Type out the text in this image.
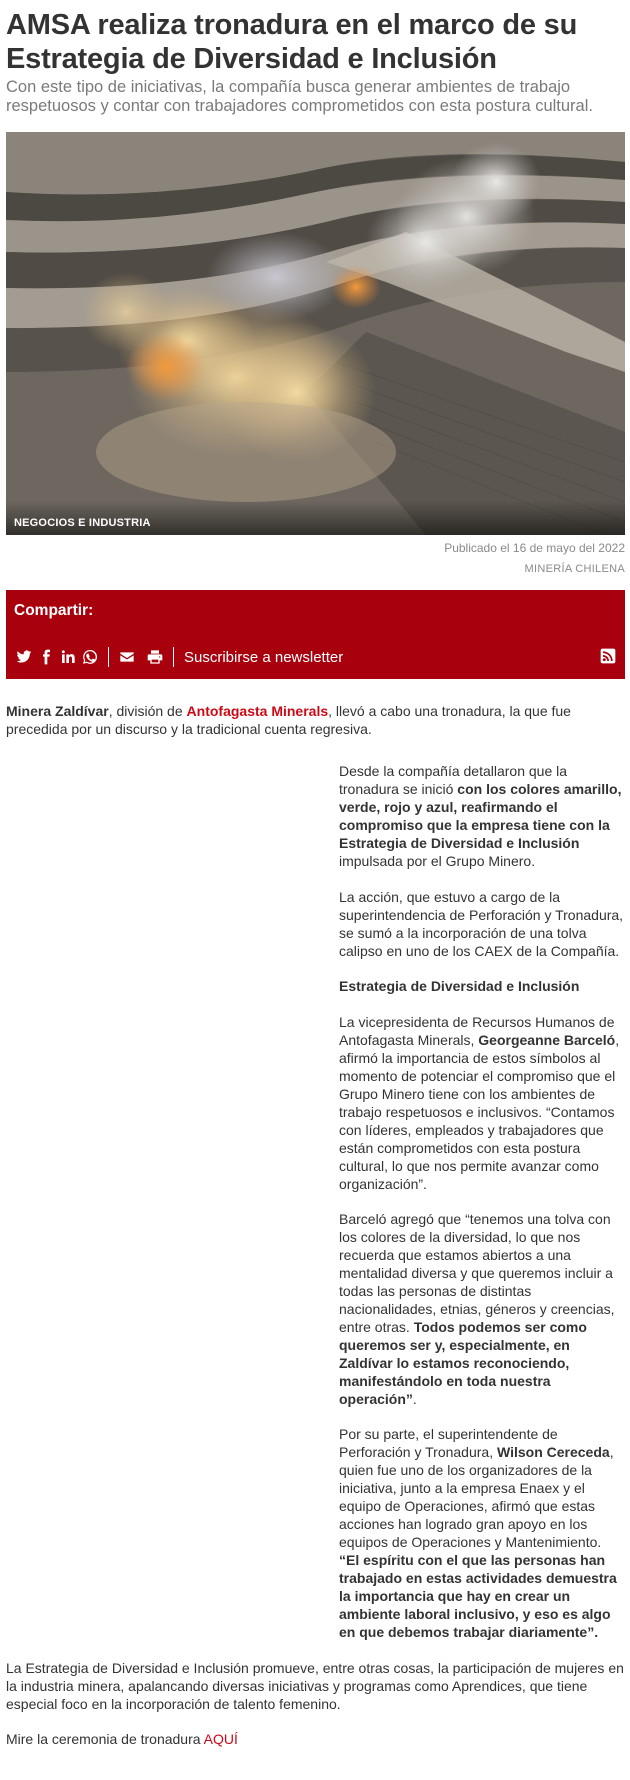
AMSA realiza tronadura en el marco de su Estrategia de Diversidad e Inclusión

Con este tipo de iniciativas, la compañía busca generar ambientes de trabajo respetuosos y contar con trabajadores comprometidos con esta postura cultural.

NEGOCIOS E INDUSTRIA
Publicado el 16 de mayo del 2022
MINERÍA CHILENA
Compartir:
Suscribirse a newsletter

Minera Zaldívar, división de Antofagasta Minerals, llevó a cabo una tronadura, la que fue precedida por un discurso y la tradicional cuenta regresiva.

Desde la compañía detallaron que la tronadura se inició con los colores amarillo, verde, rojo y azul, reafirmando el compromiso que la empresa tiene con la Estrategia de Diversidad e Inclusión impulsada por el Grupo Minero.

La acción, que estuvo a cargo de la superintendencia de Perforación y Tronadura, se sumó a la incorporación de una tolva calipso en uno de los CAEX de la Compañía.

Estrategia de Diversidad e Inclusión

La vicepresidenta de Recursos Humanos de Antofagasta Minerals, Georgeanne Barceló, afirmó la importancia de estos símbolos al momento de potenciar el compromiso que el Grupo Minero tiene con los ambientes de trabajo respetuosos e inclusivos. “Contamos con líderes, empleados y trabajadores que están comprometidos con esta postura cultural, lo que nos permite avanzar como organización”.

Barceló agregó que “tenemos una tolva con los colores de la diversidad, lo que nos recuerda que estamos abiertos a una mentalidad diversa y que queremos incluir a todas las personas de distintas nacionalidades, etnias, géneros y creencias, entre otras. Todos podemos ser como queremos ser y, especialmente, en Zaldívar lo estamos reconociendo, manifestándolo en toda nuestra operación”.

Por su parte, el superintendente de Perforación y Tronadura, Wilson Cereceda, quien fue uno de los organizadores de la iniciativa, junto a la empresa Enaex y el equipo de Operaciones, afirmó que estas acciones han logrado gran apoyo en los equipos de Operaciones y Mantenimiento. “El espíritu con el que las personas han trabajado en estas actividades demuestra la importancia que hay en crear un ambiente laboral inclusivo, y eso es algo en que debemos trabajar diariamente”.

La Estrategia de Diversidad e Inclusión promueve, entre otras cosas, la participación de mujeres en la industria minera, apalancando diversas iniciativas y programas como Aprendices, que tiene especial foco en la incorporación de talento femenino.

Mire la ceremonia de tronadura AQUÍ
